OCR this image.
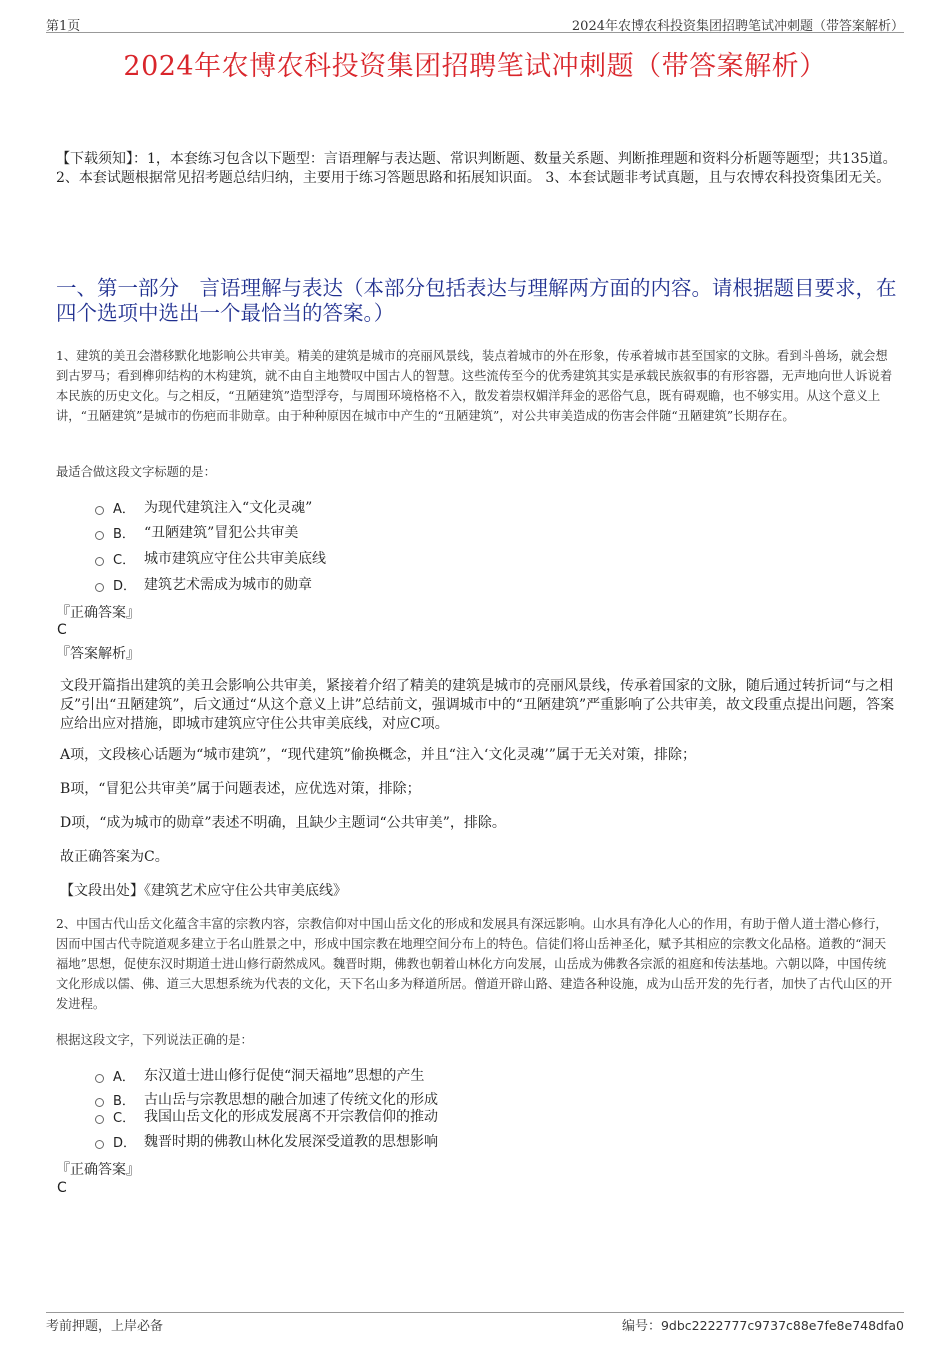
第1页	2024年农博农科投资集团招聘笔试冲刺题（带答案解析）
2024年农博农科投资集团招聘笔试冲刺题（带答案解析）
【下载须知】：1，本套练习包含以下题型：言语理解与表达题、常识判断题、数量关系题、判断推理题和资料分析题等题型；共135道。 2、本套试题根据常见招考题总结归纳，主要用于练习答题思路和拓展知识面。 3、本套试题非考试真题，且与农博农科投资集团无关。
一、第一部分　言语理解与表达（本部分包括表达与理解两方面的内容。请根据题目要求，在四个选项中选出一个最恰当的答案。）
1、建筑的美丑会潜移默化地影响公共审美。精美的建筑是城市的亮丽风景线，装点着城市的外在形象，传承着城市甚至国家的文脉。看到斗兽场，就会想到古罗马；看到榫卯结构的木构建筑，就不由自主地赞叹中国古人的智慧。这些流传至今的优秀建筑其实是承载民族叙事的有形容器，无声地向世人诉说着本民族的历史文化。与之相反，“丑陋建筑”造型浮夸，与周围环境格格不入，散发着崇权媚洋拜金的恶俗气息，既有碍观瞻，也不够实用。从这个意义上讲，“丑陋建筑”是城市的伤疤而非勋章。由于种种原因在城市中产生的“丑陋建筑”，对公共审美造成的伤害会伴随“丑陋建筑”长期存在。
最适合做这段文字标题的是：
A． 为现代建筑注入“文化灵魂”
B． “丑陋建筑”冒犯公共审美
C． 城市建筑应守住公共审美底线
D． 建筑艺术需成为城市的勋章
『正确答案』
C
『答案解析』
文段开篇指出建筑的美丑会影响公共审美，紧接着介绍了精美的建筑是城市的亮丽风景线，传承着国家的文脉，随后通过转折词“与之相反”引出“丑陋建筑”，后文通过“从这个意义上讲”总结前文，强调城市中的“丑陋建筑”严重影响了公共审美，故文段重点提出问题，答案应给出应对措施，即城市建筑应守住公共审美底线，对应C项。
A项，文段核心话题为“城市建筑”，“现代建筑”偷换概念，并且“注入‘文化灵魂’”属于无关对策，排除；
B项，“冒犯公共审美”属于问题表述，应优选对策，排除；
D项，“成为城市的勋章”表述不明确，且缺少主题词“公共审美”，排除。
故正确答案为C。
【文段出处】《建筑艺术应守住公共审美底线》
2、中国古代山岳文化蕴含丰富的宗教内容，宗教信仰对中国山岳文化的形成和发展具有深远影响。山水具有净化人心的作用，有助于僧人道士潜心修行，因而中国古代寺院道观多建立于名山胜景之中，形成中国宗教在地理空间分布上的特色。信徒们将山岳神圣化，赋予其相应的宗教文化品格。道教的“洞天福地”思想，促使东汉时期道士进山修行蔚然成风。魏晋时期，佛教也朝着山林化方向发展，山岳成为佛教各宗派的祖庭和传法基地。六朝以降，中国传统文化形成以儒、佛、道三大思想系统为代表的文化，天下名山多为释道所居。僧道开辟山路、建造各种设施，成为山岳开发的先行者，加快了古代山区的开发进程。
根据这段文字，下列说法正确的是：
A． 东汉道士进山修行促使“洞天福地”思想的产生
B． 古山岳与宗教思想的融合加速了传统文化的形成
C． 我国山岳文化的形成发展离不开宗教信仰的推动
D． 魏晋时期的佛教山林化发展深受道教的思想影响
『正确答案』
C
考前押题，上岸必备	编号：9dbc2222777c9737c88e7fe8e748dfa0
